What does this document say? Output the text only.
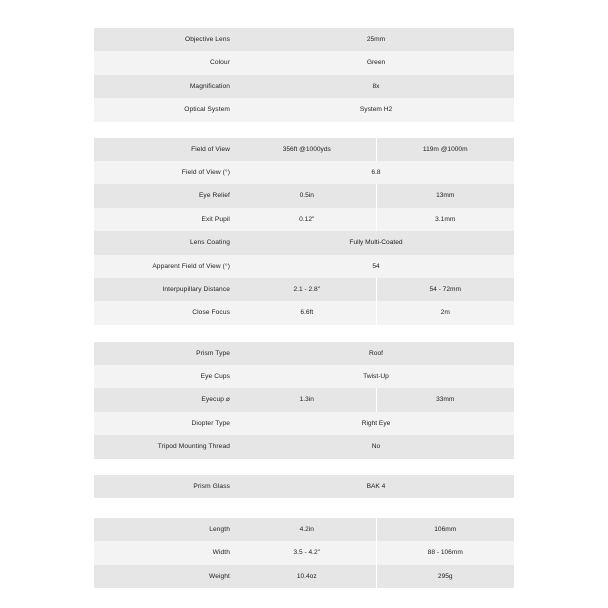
Objective Lens	25mm
Colour	Green
Magnification	8x
Optical System	System H2
Field of View	356ft @1000yds	119m @1000m
Field of View (°)	6.8
Eye Relief	0.5in	13mm
Exit Pupil	0.12"	3.1mm
Lens Coating	Fully Multi-Coated
Apparent Field of View (°)	54
Interpupillary Distance	2.1 - 2.8"	54 - 72mm
Close Focus	6.6ft	2m
Prism Type	Roof
Eye Cups	Twist-Up
Eyecup ⌀	1.3in	33mm
Diopter Type	Right Eye
Tripod Mounting Thread	No
Prism Glass	BAK 4
Length	4.2in	106mm
Width	3.5 - 4.2"	88 - 106mm
Weight	10.4oz	295g
